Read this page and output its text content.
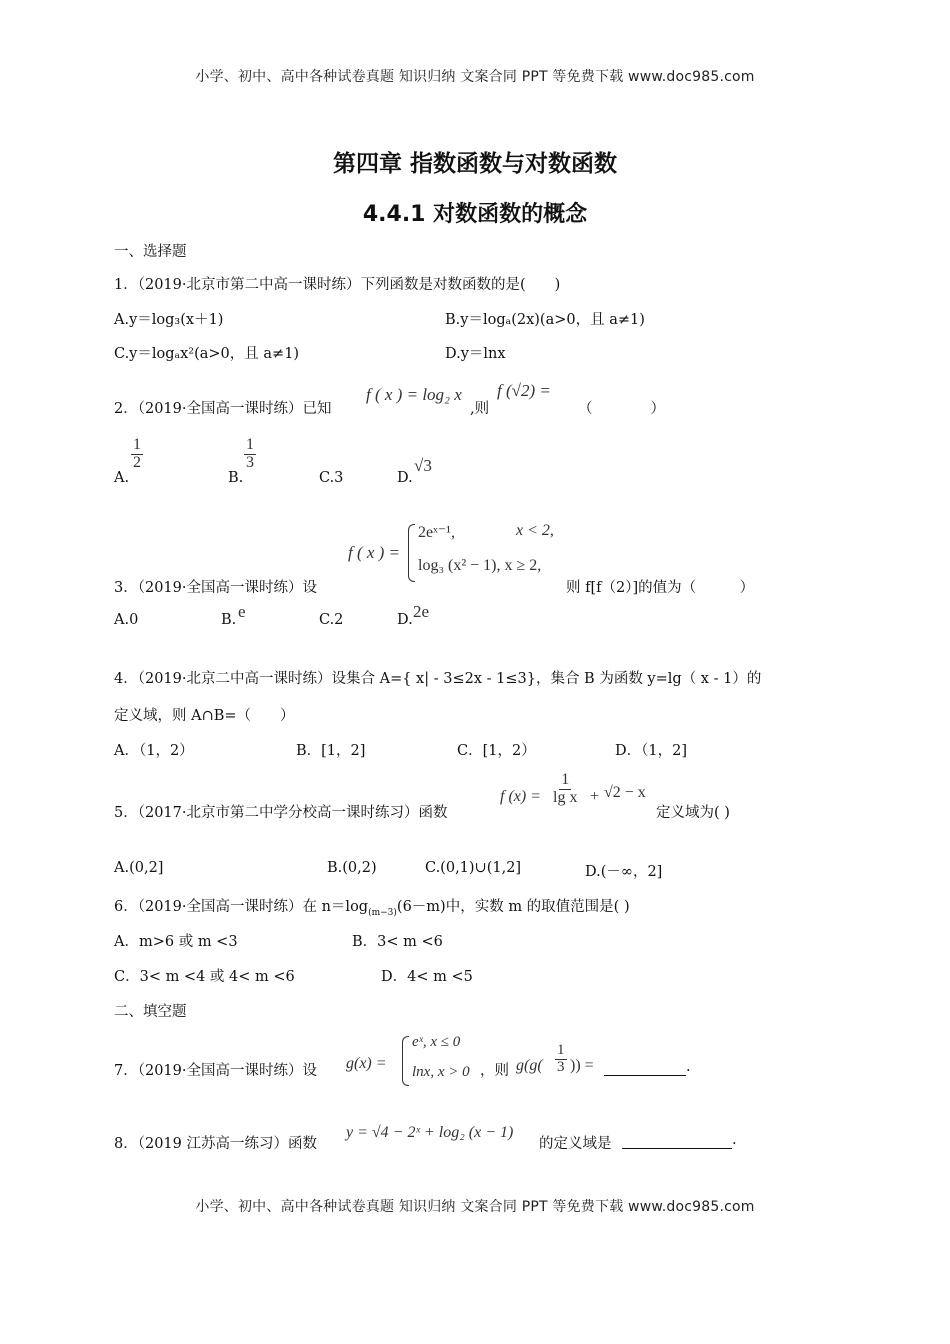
小学、初中、高中各种试卷真题 知识归纳 文案合同 PPT 等免费下载 www.doc985.com
第四章 指数函数与对数函数
4.4.1 对数函数的概念
一、选择题
1．（2019·北京市第二中高一课时练）下列函数是对数函数的是(　　)
A.y＝log₃(x＋1)	B.y＝logₐ(2x)(a>0，且 a≠1)
C.y＝logₐx²(a>0，且 a≠1)	D.y＝lnx
2．（2019·全国高一课时练）已知
f ( x ) = log₂ x
,则
f (√2) =
（　　　　）
A.
$\frac{1}{2}$
B.
$\frac{1}{3}$
C.3	D.
√3
f ( x ) =
2eˣ⁻¹,	x < 2,
log₃ (x² − 1), x ≥ 2,
3．（2019·全国高一课时练）设	则 f[f（2）]的值为（　　　）
A.0	B. e	C.2	D. 2e
4．（2019·北京二中高一课时练）设集合 A={ x| - 3≤2x - 1≤3}，集合 B 为函数 y=lg（ x - 1）的
定义域，则 A∩B=（　　）
A．（1，2）	B．[1，2]	C．[1，2）	D．（1，2]
5．（2017·北京市第二中学分校高一课时练习）函数
f $(x) = \frac{1}{\text{lg x}} + √2 - x$
定义域为( )
A.(0,2]	B.(0,2)	C.(0,1)∪(1,2]	D.(－∞，2]
6．（2019·全国高一课时练）在 $n=\log_{(m-3)}(6-m)$中，实数 m 的取值范围是( )
A．m>6 或 m <3	B．3< m <6
C．3< m <4 或 4< m <6	D．4< m <5
二、填空题
7．（2019·全国高一课时练）设 g(x) =
eˣ, x ≤ 0
lnx, x > 0 ，则 $g(g( \frac{1}{3}$ )) =	.
8．（2019 江苏高一练习）函数
y = √4 − 2ˣ + log₂ (x − 1)
的定义域是	.
小学、初中、高中各种试卷真题 知识归纳 文案合同 PPT 等免费下载 www.doc985.com
